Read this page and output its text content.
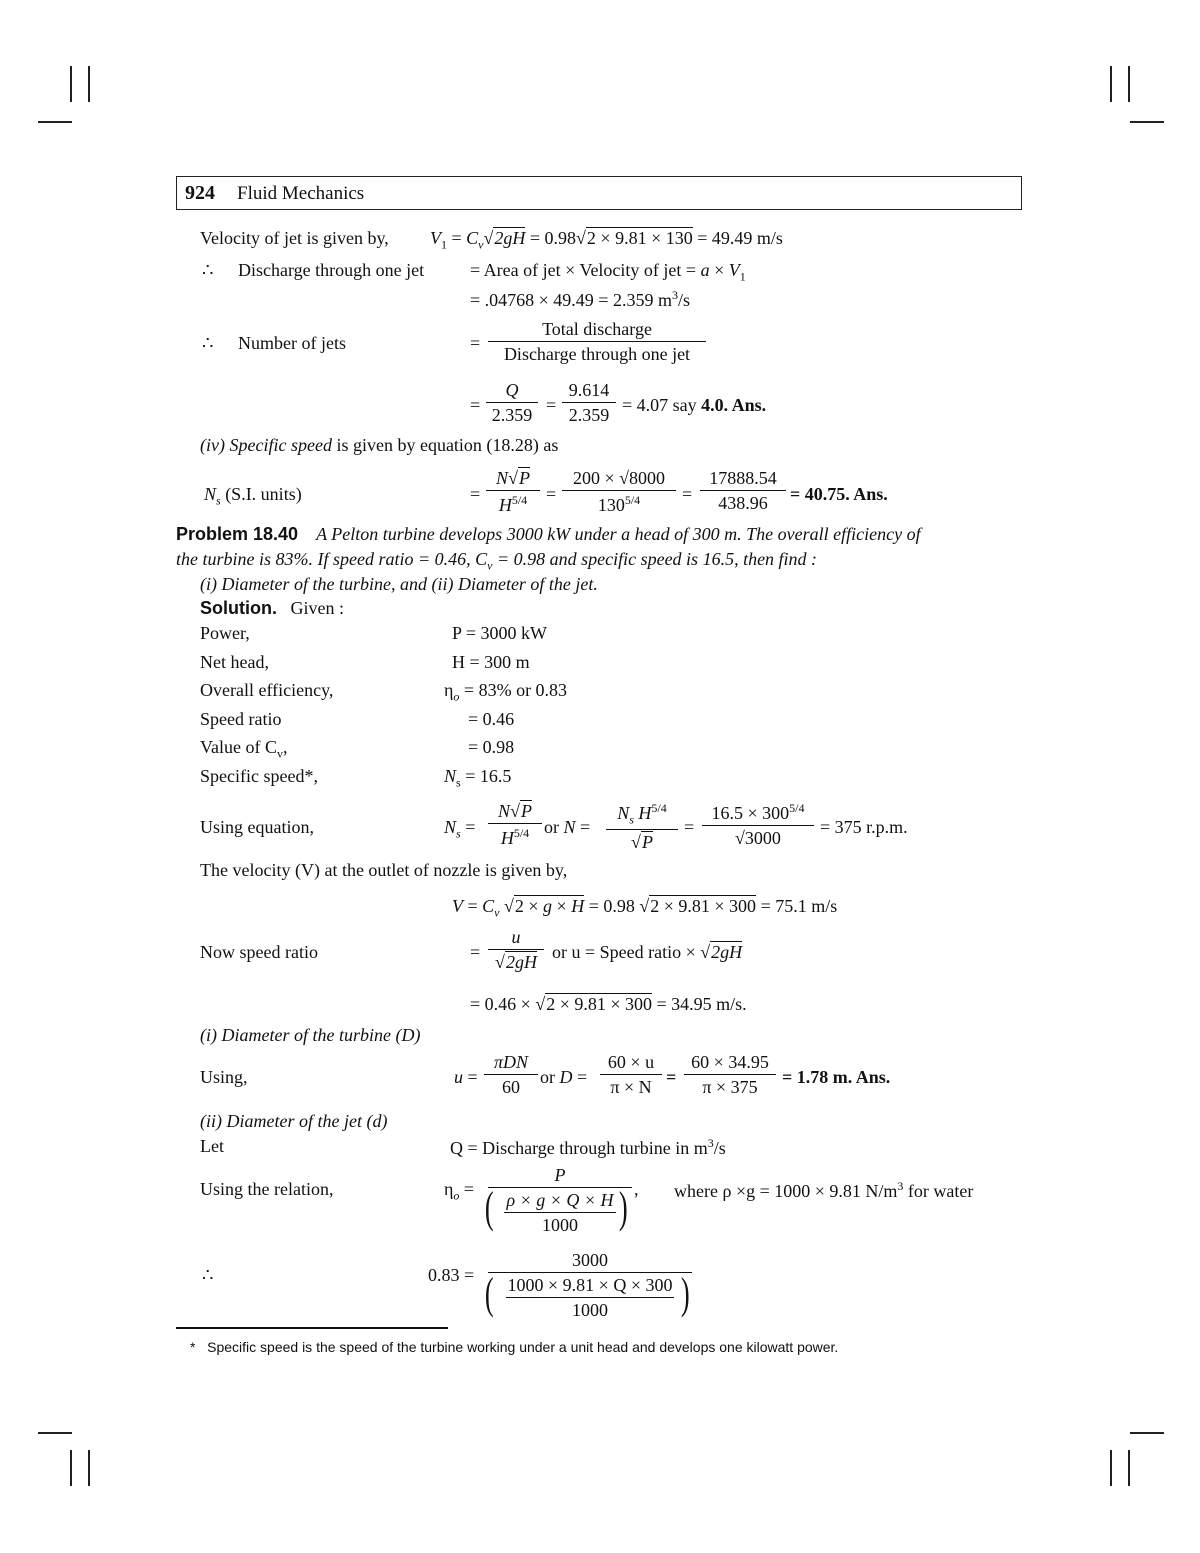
924 Fluid Mechanics
Velocity of jet is given by, $V_1 = C_v√2gH = 0.98√2 \times 9.81 \times 130 = 49.49$ m/s
∴ Discharge through one jet	= Area of jet × Velocity of jet = $a \times V_1$
= .04768 × 49.49 = 2.359 $m^3/s$
∴ Number of jets	=
Total discharge
Discharge through one jet
= $\frac{Q}{2.359} = \frac{9.614}{2.359} = 4.07$ say 4.0. Ans.
(iv) Specific speed is given by equation (18.28) as
$N_s$ (S.I. units)	= $\frac{N√P}{H^{5/4}} = \frac{200 \times √8000}{130^{5/4}} = \frac{17888.54}{438.96} = 40.75$. Ans.
Problem 18.40 A Pelton turbine develops 3000 kW under a head of 300 m. The overall efficiency of
the turbine is 83%. If speed ratio = 0.46, $C_v = 0.98$ and specific speed is 16.5, then find :
(i) Diameter of the turbine, and (ii) Diameter of the jet.
Solution. Given :
Power,	P = 3000 kW
Net head,	H = 300 m
Overall efficiency,	$\eta_o = 83\%$ or 0.83
Speed ratio	= 0.46
Value of $C_v$,	= 0.98
Specific speed*,	$N_s = 16.5$
Using equation,	$N_s = \frac{N√P}{H^{5/4}}$ or $N = \frac{N_s H^{5/4}}{√P} = \frac{16.5 \times 300^{5/4}}{√3000} = 375$ r.p.m.
The velocity (V) at the outlet of nozzle is given by,
$V = C_v$ √2 × g × H = 0.98 √2 × 9.81 × 300 = 75.1 m/s
Now speed ratio	= $\frac{u}{√2gH}$ or u = Speed ratio × √2gH
= 0.46 × √2 × 9.81 × 300 = 34.95 m/s.
(i) Diameter of the turbine (D)
Using,	u =
πDN
60	or $D = \frac{60 \times u}{\pi \times N} = \frac{60 \times 34.95}{\pi \times 375} = 1.78$ m. Ans.
(ii) Diameter of the jet (d)
Let	Q = Discharge through turbine in $m^3/s$
Using the relation,	$\eta_o = \frac{P}{\frac{\rho \times g \times Q \times H}{1000}}$
(	) , where ρ ×g = 1000 × 9.81 $N/m^3$ for water
∴	$0.83 = \frac{3000}{\frac{1000 \times 9.81 \times Q \times 300}{1000}}$
(	)
*   Specific speed is the speed of the turbine working under a unit head and develops one kilowatt power.
